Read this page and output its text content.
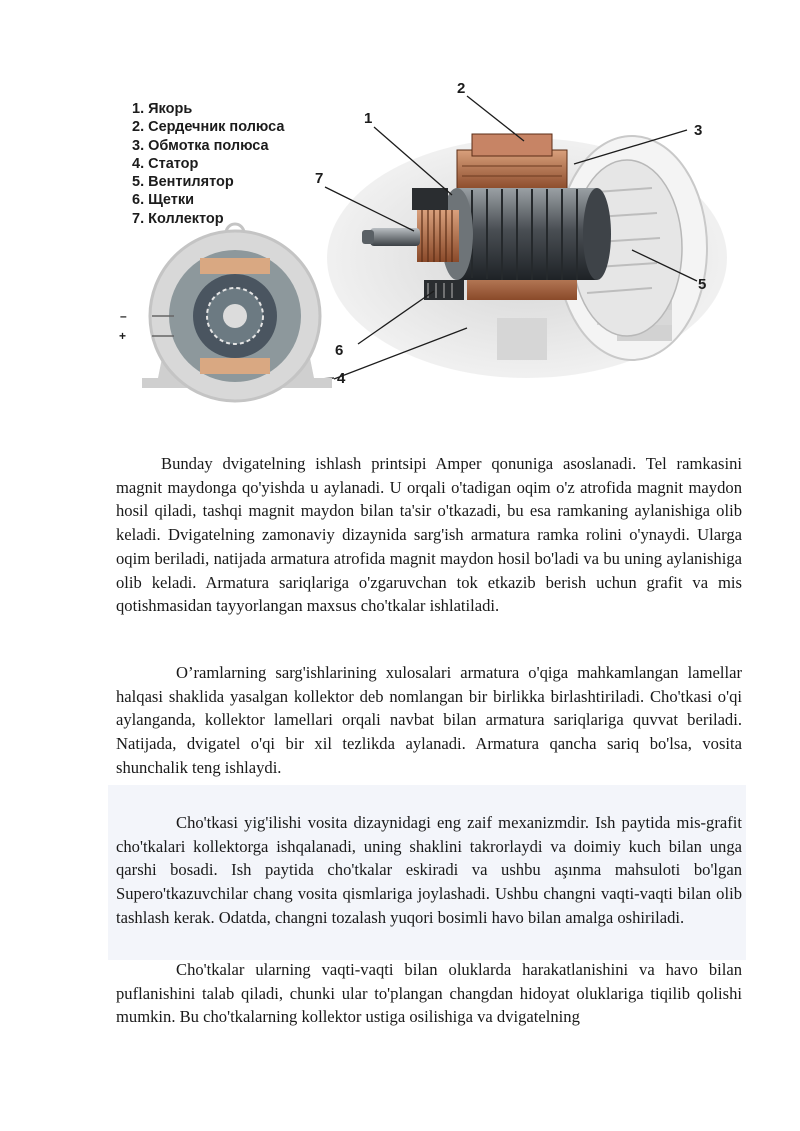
1. Якорь
2. Сердечник полюса
3. Обмотка полюса
4. Статор
5. Вентилятор
6. Щетки
7. Коллектор
1
2
3
4
5
6
7
–
+

Bunday dvigatelning ishlash printsipi Amper qonuniga asoslanadi. Tel ramkasini magnit maydonga qo'yishda u aylanadi. U orqali o'tadigan oqim o'z atrofida magnit maydon hosil qiladi, tashqi magnit maydon bilan ta'sir o'tkazadi, bu esa ramkaning aylanishiga olib keladi. Dvigatelning zamonaviy dizaynida sarg'ish armatura ramka rolini o'ynaydi. Ularga oqim beriladi, natijada armatura atrofida magnit maydon hosil bo'ladi va bu uning aylanishiga olib keladi. Armatura sariqlariga o'zgaruvchan tok etkazib berish uchun grafit va mis qotishmasidan tayyorlangan maxsus cho'tkalar ishlatiladi.

O’ramlarning sarg'ishlarining xulosalari armatura o'qiga mahkamlangan lamellar halqasi shaklida yasalgan kollektor deb nomlangan bir birlikka birlashtiriladi. Cho'tkasi o'qi aylanganda, kollektor lamellari orqali navbat bilan armatura sariqlariga quvvat beriladi. Natijada, dvigatel o'qi bir xil tezlikda aylanadi. Armatura qancha sariq bo'lsa, vosita shunchalik teng ishlaydi.

Cho'tkasi yig'ilishi vosita dizaynidagi eng zaif mexanizmdir. Ish paytida mis-grafit cho'tkalari kollektorga ishqalanadi, uning shaklini takrorlaydi va doimiy kuch bilan unga qarshi bosadi. Ish paytida cho'tkalar eskiradi va ushbu aşınma mahsuloti bo'lgan Supero'tkazuvchilar chang vosita qismlariga joylashadi. Ushbu changni vaqti-vaqti bilan olib tashlash kerak. Odatda, changni tozalash yuqori bosimli havo bilan amalga oshiriladi.

Cho'tkalar ularning vaqti-vaqti bilan oluklarda harakatlanishini va havo bilan puflanishini talab qiladi, chunki ular to'plangan changdan hidoyat oluklariga tiqilib qolishi mumkin. Bu cho'tkalarning kollektor ustiga osilishiga va dvigatelning
